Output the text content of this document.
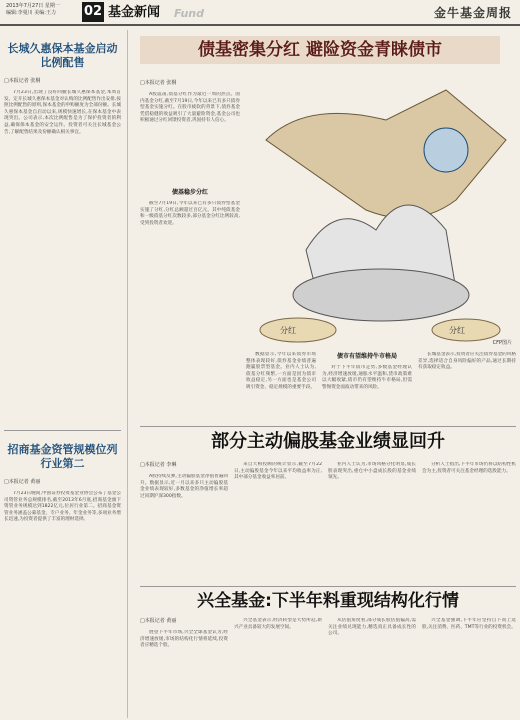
2013年7月27日 星期一
编辑:李曼川 美编:王力	02 基金新闻 Fund	金牛基金周报
长城久惠保本基金启动比例配售
□本报记者 张桐
7月23日,出现了良好回撤长城久惠保本基金,本周首发。定开长城久惠保本基金对认购的比例配售作出安排,按照比例配售的原则,保本基金的申购额度为全部份额。长城久惠保本基金自启动以来,规模快速增长,在保本基金中表现突出。公司表示,本次比例配售是为了保护投资者的利益,确保保本基金的安全运作。投资者可关注长城基金公告,了解配售结果及份额确认相关事宜。
招商基金资管规模位列行业第二
□本报记者 黄丽
7月23日晚间,中国证券投资基金业协会公布了基金公司资管业务总规模排名,截至2013年6月底,招商基金旗下资管业务规模达到1822亿元,位居行业第二。招商基金资管业务涵盖公募基金、专户业务、年金业务等,多项业务增长迅速,为投资者提供了丰富的理财选择。
债基密集分红 避险资金青睐债市
□本报记者 张桐
A股震荡,债基分红作为最近一周的热点。国内基金分红,截至7月19日,今年以来已有多只债券型基金实施分红。在股市疲软的背景下,债券基金凭借稳健的收益吸引了大量避险资金,基金公司也积极通过分红回馈投资者,巩固持有人信心。
债基稳步分红
截至7月19日,今年以来已有多只债券型基金实施了分红,分红总额超过百亿元。其中纯债基金和一级债基分红次数较多,部分基金分红比例较高,受到投资者欢迎。
分红	分红
CFP图片
数据显示,今年以来债券市场整体表现较好,债券基金业绩普遍跑赢股票型基金。业内人士认为,债基分红频繁,一方面是因为债市收益稳定,另一方面也是基金公司吸引资金、稳定规模的重要手段。
债市有望维持牛市格局
对于下半年债市走势,多数基金经理认为,经济增速放缓,通胀水平温和,货币政策难以大幅收紧,债市仍有望维持牛市格局,但需警惕资金面波动带来的风险。
长城基金表示,投资者应关注债券基金的风格差异,选择适合自身风险偏好的产品,通过长期持有获取稳定收益。
部分主动偏股基金业绩显回升
□本报记者 李琳
A股持续反弹,主动偏股基金净值普遍回升。数据显示,近一月以来多只主动偏股基金业绩表现较好,多数基金的净值增长率超过同期沪深300指数。
来自天相投顾的统计显示,截至7月22日,主动偏股基金今年以来平均收益率为正,其中部分基金收益率居前。
业内人士认为,市场风格分化明显,成长股表现突出,重仓中小盘成长股的基金业绩领先。
分析人士指出,下半年市场仍将以结构性机会为主,投资者可关注基金经理的选股能力。
兴全基金:下半年料重现结构化行情
□本报记者 黄丽
展望下半年市场,兴全全球基金认为,经济增速放缓,市场的结构化行情将延续,投资者应精选个股。
兴全基金表示,经济转型是大势所趋,新兴产业具备较大的发展空间。
从估值角度看,部分成长股估值偏高,需关注业绩兑现能力,精选真正具备成长性的公司。
兴全基金强调,下半年应坚持自下而上选股,关注消费、医药、TMT等行业的投资机会。
